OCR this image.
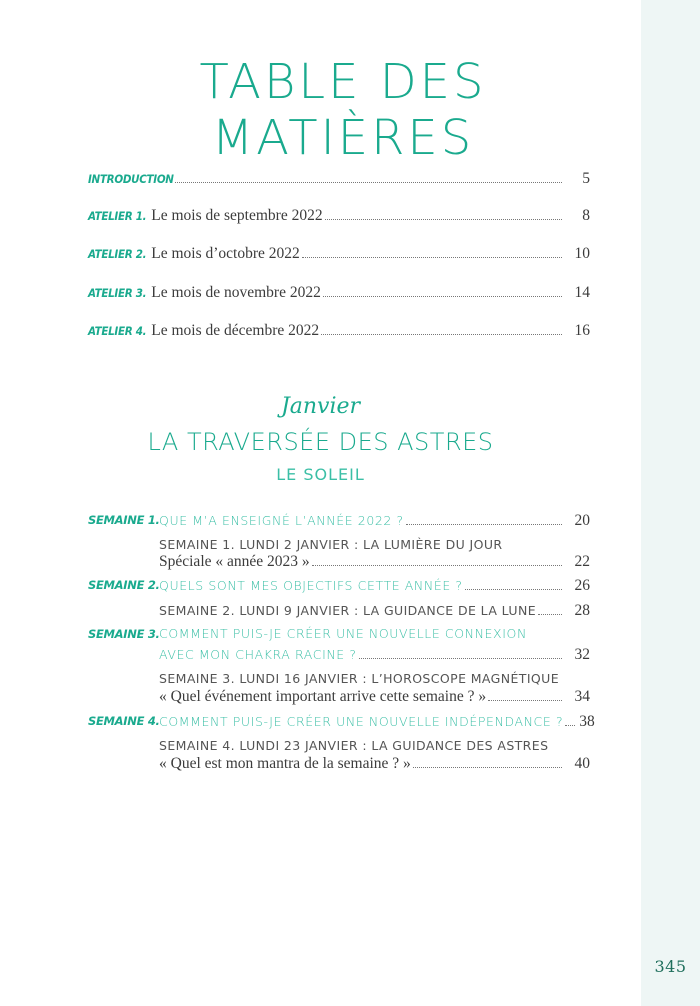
345
TABLE DES MATIÈRES
INTRODUCTION	5
ATELIER 1. Le mois de septembre 2022	8
ATELIER 2. Le mois d’octobre 2022	10
ATELIER 3. Le mois de novembre 2022	14
ATELIER 4. Le mois de décembre 2022	16
Janvier
LA TRAVERSÉE DES ASTRES
LE SOLEIL
SEMAINE 1. QUE M’A ENSEIGNÉ L’ANNÉE 2022 ?	20
SEMAINE 1. LUNDI 2 JANVIER : LA LUMIÈRE DU JOUR
Spéciale « année 2023 »	22
SEMAINE 2. QUELS SONT MES OBJECTIFS CETTE ANNÉE ?	26
SEMAINE 2. LUNDI 9 JANVIER : LA GUIDANCE DE LA LUNE	28
SEMAINE 3. COMMENT PUIS-JE CRÉER UNE NOUVELLE CONNEXION
AVEC MON CHAKRA RACINE ?	32
SEMAINE 3. LUNDI 16 JANVIER : L’HOROSCOPE MAGNÉTIQUE
« Quel événement important arrive cette semaine ? »	34
SEMAINE 4. COMMENT PUIS-JE CRÉER UNE NOUVELLE INDÉPENDANCE ? 38
SEMAINE 4. LUNDI 23 JANVIER : LA GUIDANCE DES ASTRES
« Quel est mon mantra de la semaine ? »	40
